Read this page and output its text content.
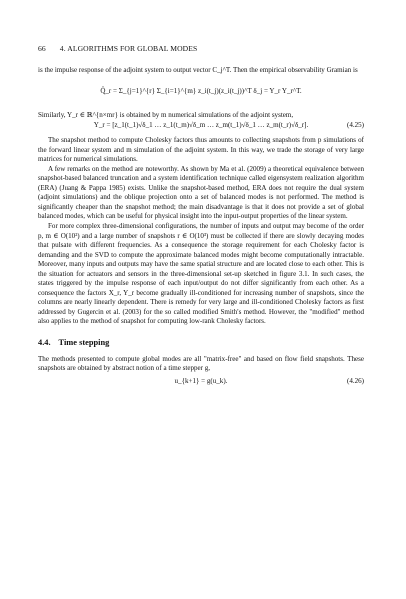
66 4. ALGORITHMS FOR GLOBAL MODES

is the impulse response of the adjoint system to output vector C_j^T. Then the empirical observability Gramian is

Q̂_r = Σ_{j=1}^{r} Σ_{i=1}^{m} z_i(t_j)(z_i(t_j))^T δ_j = Y_r Y_r^T.

Similarly, Y_r ∈ ℝ^{n×mr} is obtained by m numerical simulations of the adjoint system,

Y_r = [z_1(t_1)√δ_1 … z_1(t_m)√δ_m … z_m(t_1)√δ_1 … z_m(t_r)√δ_r].	(4.25)

The snapshot method to compute Cholesky factors thus amounts to collecting snapshots from p simulations of the forward linear system and m simulation of the adjoint system. In this way, we trade the storage of very large matrices for numerical simulations.

A few remarks on the method are noteworthy. As shown by Ma et al. (2009) a theoretical equivalence between snapshot-based balanced truncation and a system identification technique called eigensystem realization algorithm (ERA) (Juang & Pappa 1985) exists. Unlike the snapshot-based method, ERA does not require the dual system (adjoint simulations) and the oblique projection onto a set of balanced modes is not performed. The method is significantly cheaper than the snapshot method; the main disadvantage is that it does not provide a set of global balanced modes, which can be useful for physical insight into the input-output properties of the linear system.

For more complex three-dimensional configurations, the number of inputs and output may become of the order p, m ∈ O(10²) and a large number of snapshots r ∈ O(10³) must be collected if there are slowly decaying modes that pulsate with different frequencies. As a consequence the storage requirement for each Cholesky factor is demanding and the SVD to compute the approximate balanced modes might become computationally intractable. Moreover, many inputs and outputs may have the same spatial structure and are located close to each other. This is the situation for actuators and sensors in the three-dimensional set-up sketched in figure 3.1. In such cases, the states triggered by the impulse response of each input/output do not differ significantly from each other. As a consequence the factors X_r, Y_r become gradually ill-conditioned for increasing number of snapshots, since the columns are nearly linearly dependent. There is remedy for very large and ill-conditioned Cholesky factors as first addressed by Gugercin et al. (2003) for the so called modified Smith's method. However, the "modified" method also applies to the method of snapshot for computing low-rank Cholesky factors.

4.4. Time stepping

The methods presented to compute global modes are all "matrix-free" and based on flow field snapshots. These snapshots are obtained by abstract notion of a time stepper g,

u_{k+1} = g(u_k).	(4.26)
